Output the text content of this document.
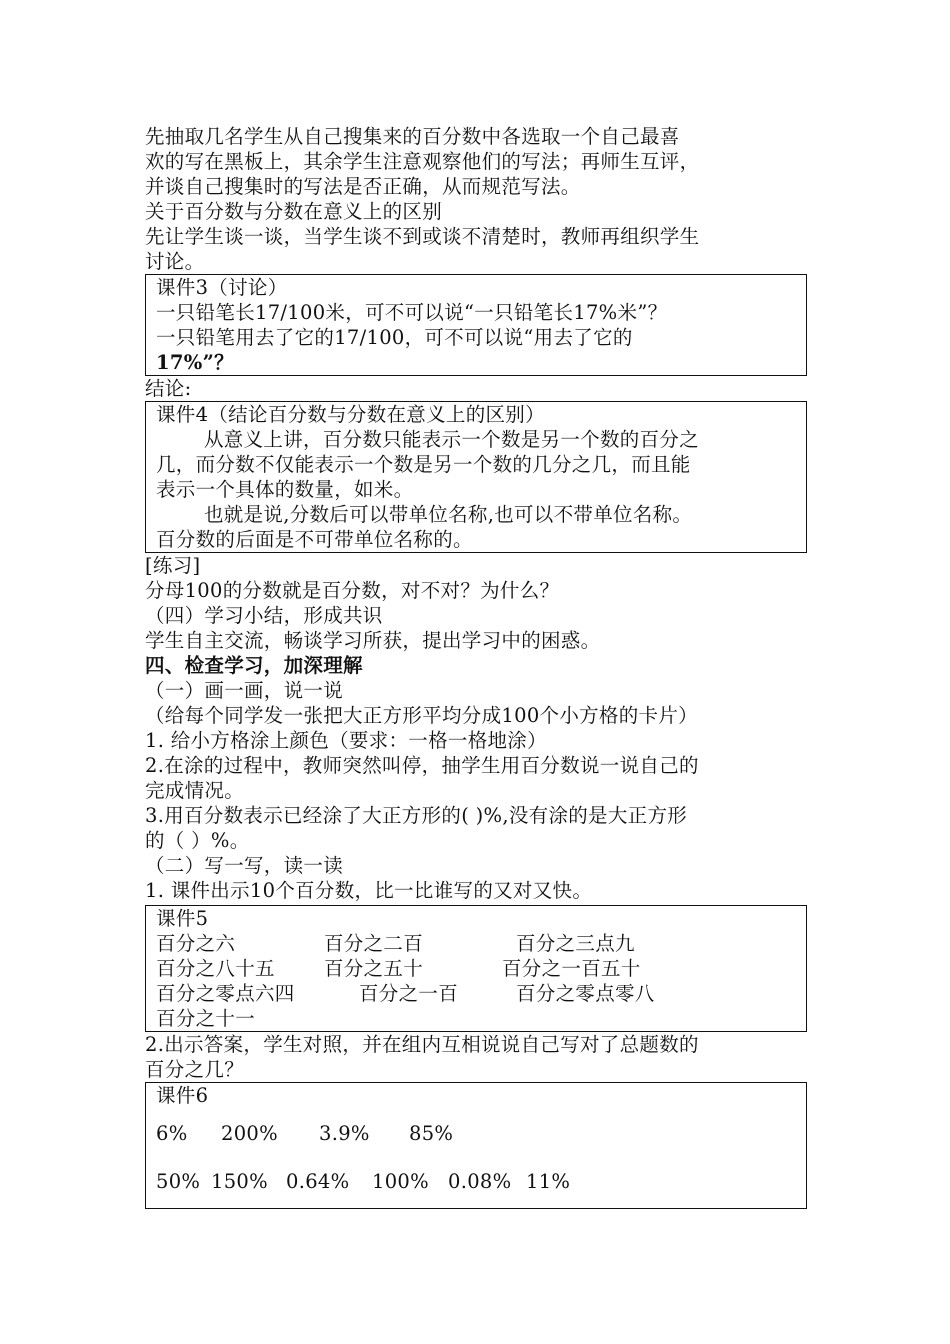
先抽取几名学生从自己搜集来的百分数中各选取一个自己最喜
欢的写在黑板上，其余学生注意观察他们的写法；再师生互评，
并谈自己搜集时的写法是否正确，从而规范写法。
关于百分数与分数在意义上的区别
先让学生谈一谈，当学生谈不到或谈不清楚时，教师再组织学生
讨论。
课件3（讨论）
一只铅笔长17/100米，可不可以说“一只铅笔长17%米”？
一只铅笔用去了它的17/100，可不可以说“用去了它的
17%”？
结论:
课件4（结论百分数与分数在意义上的区别）
从意义上讲，百分数只能表示一个数是另一个数的百分之
几，而分数不仅能表示一个数是另一个数的几分之几，而且能
表示一个具体的数量，如米。
也就是说,分数后可以带单位名称,也可以不带单位名称。
百分数的后面是不可带单位名称的。
[练习]
分母100的分数就是百分数，对不对？为什么？
（四）学习小结，形成共识
学生自主交流，畅谈学习所获，提出学习中的困惑。
四、检查学习，加深理解
（一）画一画，说一说
（给每个同学发一张把大正方形平均分成100个小方格的卡片）
1. 给小方格涂上颜色（要求：一格一格地涂）
2.在涂的过程中，教师突然叫停，抽学生用百分数说一说自己的
完成情况。
3.用百分数表示已经涂了大正方形的( )%,没有涂的是大正方形
的（ ）%。
（二）写一写，读一读
1. 课件出示10个百分数，比一比谁写的又对又快。
课件5
百分之六	百分之二百	百分之三点九
百分之八十五	百分之五十	百分之一百五十
百分之零点六四	百分之一百	百分之零点零八
百分之十一
2.出示答案，学生对照，并在组内互相说说自己写对了总题数的
百分之几？
课件6
6% 200% 3.9% 85%
50% 150% 0.64% 100% 0.08% 11%
